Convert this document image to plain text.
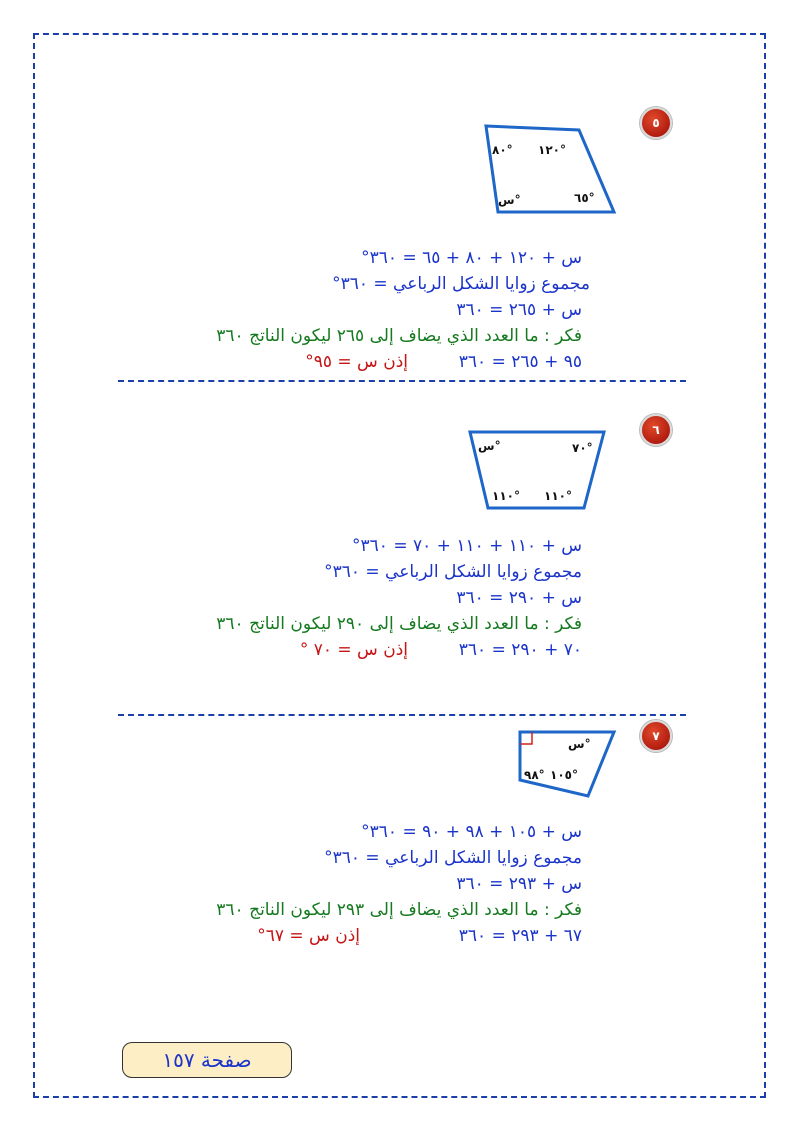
٥
٨٠° ١٢٠°
س°	٦٥°
س + ١٢٠ + ٨٠ + ٦٥ = ٣٦٠°
مجموع زوايا الشكل الرباعي = ٣٦٠°
س + ٢٦٥ = ٣٦٠
فكر : ما العدد الذي يضاف إلى ٢٦٥ ليكون الناتج ٣٦٠
٩٥ + ٢٦٥ = ٣٦٠
إذن س = ٩٥°
٦
س°	٧٠°
١١٠° ١١٠°
س + ١١٠ + ١١٠ + ٧٠ = ٣٦٠°
مجموع زوايا الشكل الرباعي = ٣٦٠°
س + ٢٩٠ = ٣٦٠
فكر : ما العدد الذي يضاف إلى ٢٩٠ ليكون الناتج ٣٦٠
٧٠ + ٢٩٠ = ٣٦٠
إذن س = ٧٠ °
٧
س°
٩٨° ١٠٥°
س + ١٠٥ + ٩٨ + ٩٠ = ٣٦٠°
مجموع زوايا الشكل الرباعي = ٣٦٠°
س + ٢٩٣ = ٣٦٠
فكر : ما العدد الذي يضاف إلى ٢٩٣ ليكون الناتج ٣٦٠
٦٧ + ٢٩٣ = ٣٦٠
إذن س = ٦٧°
صفحة ١٥٧
